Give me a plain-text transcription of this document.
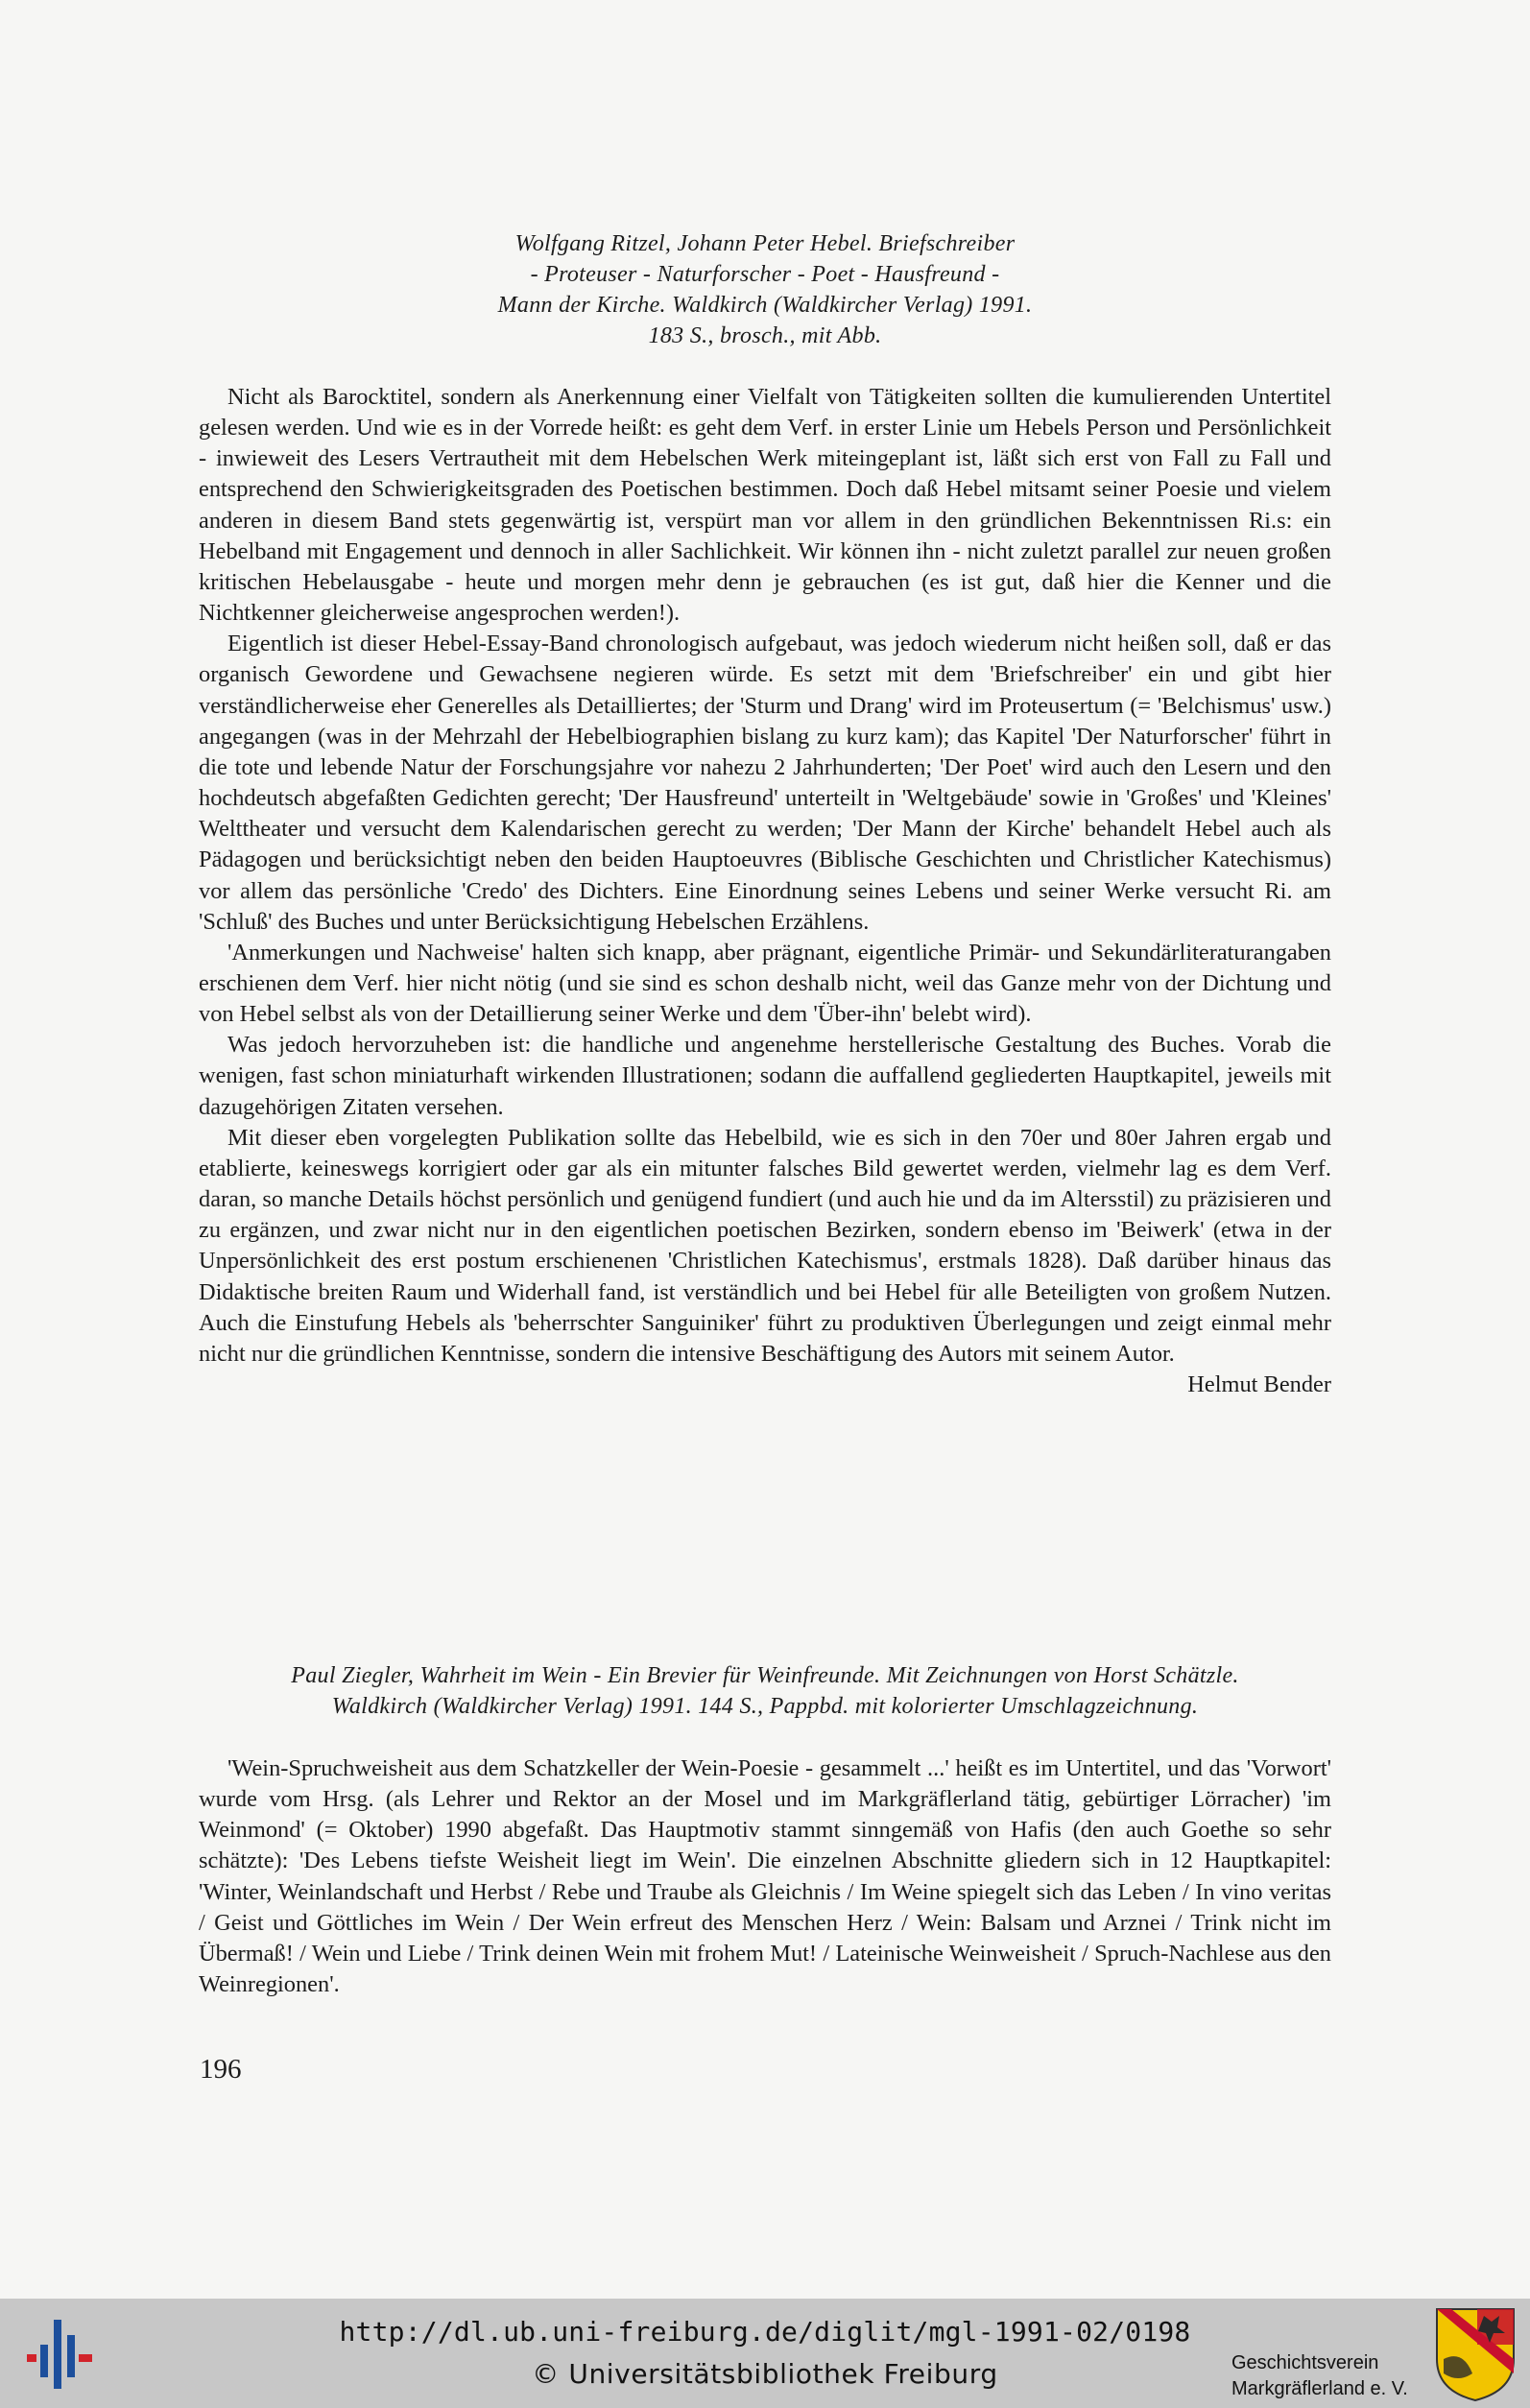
Wolfgang Ritzel, Johann Peter Hebel. Briefschreiber
- Proteuser - Naturforscher - Poet - Hausfreund -
Mann der Kirche. Waldkirch (Waldkircher Verlag) 1991.
183 S., brosch., mit Abb.

Nicht als Barocktitel, sondern als Anerkennung einer Vielfalt von Tätigkeiten sollten die kumulierenden Untertitel gelesen werden. Und wie es in der Vorrede heißt: es geht dem Verf. in erster Linie um Hebels Person und Persönlichkeit - inwieweit des Lesers Vertrautheit mit dem Hebelschen Werk miteingeplant ist, läßt sich erst von Fall zu Fall und entsprechend den Schwierigkeitsgraden des Poetischen bestimmen. Doch daß Hebel mitsamt seiner Poesie und vielem anderen in diesem Band stets gegenwärtig ist, verspürt man vor allem in den gründlichen Bekenntnissen Ri.s: ein Hebelband mit Engagement und dennoch in aller Sachlichkeit. Wir können ihn - nicht zuletzt parallel zur neuen großen kritischen Hebelausgabe - heute und morgen mehr denn je gebrauchen (es ist gut, daß hier die Kenner und die Nichtkenner gleicherweise angesprochen werden!).

Eigentlich ist dieser Hebel-Essay-Band chronologisch aufgebaut, was jedoch wiederum nicht heißen soll, daß er das organisch Gewordene und Gewachsene negieren würde. Es setzt mit dem 'Briefschreiber' ein und gibt hier verständlicherweise eher Generelles als Detailliertes; der 'Sturm und Drang' wird im Proteusertum (= 'Belchismus' usw.) angegangen (was in der Mehrzahl der Hebelbiographien bislang zu kurz kam); das Kapitel 'Der Naturforscher' führt in die tote und lebende Natur der Forschungsjahre vor nahezu 2 Jahrhunderten; 'Der Poet' wird auch den Lesern und den hochdeutsch abgefaßten Gedichten gerecht; 'Der Hausfreund' unterteilt in 'Weltgebäude' sowie in 'Großes' und 'Kleines' Welttheater und versucht dem Kalendarischen gerecht zu werden; 'Der Mann der Kirche' behandelt Hebel auch als Pädagogen und berücksichtigt neben den beiden Hauptoeuvres (Biblische Geschichten und Christlicher Katechismus) vor allem das persönliche 'Credo' des Dichters. Eine Einordnung seines Lebens und seiner Werke versucht Ri. am 'Schluß' des Buches und unter Berücksichtigung Hebelschen Erzählens.

'Anmerkungen und Nachweise' halten sich knapp, aber prägnant, eigentliche Primär- und Sekundärliteraturangaben erschienen dem Verf. hier nicht nötig (und sie sind es schon deshalb nicht, weil das Ganze mehr von der Dichtung und von Hebel selbst als von der Detaillierung seiner Werke und dem 'Über-ihn' belebt wird).

Was jedoch hervorzuheben ist: die handliche und angenehme herstellerische Gestaltung des Buches. Vorab die wenigen, fast schon miniaturhaft wirkenden Illustrationen; sodann die auffallend gegliederten Hauptkapitel, jeweils mit dazugehörigen Zitaten versehen.

Mit dieser eben vorgelegten Publikation sollte das Hebelbild, wie es sich in den 70er und 80er Jahren ergab und etablierte, keineswegs korrigiert oder gar als ein mitunter falsches Bild gewertet werden, vielmehr lag es dem Verf. daran, so manche Details höchst persönlich und genügend fundiert (und auch hie und da im Altersstil) zu präzisieren und zu ergänzen, und zwar nicht nur in den eigentlichen poetischen Bezirken, sondern ebenso im 'Beiwerk' (etwa in der Unpersönlichkeit des erst postum erschienenen 'Christlichen Katechismus', erstmals 1828). Daß darüber hinaus das Didaktische breiten Raum und Widerhall fand, ist verständlich und bei Hebel für alle Beteiligten von großem Nutzen. Auch die Einstufung Hebels als 'beherrschter Sanguiniker' führt zu produktiven Überlegungen und zeigt einmal mehr nicht nur die gründlichen Kenntnisse, sondern die intensive Beschäftigung des Autors mit seinem Autor.

Helmut Bender
Paul Ziegler, Wahrheit im Wein - Ein Brevier für Weinfreunde. Mit Zeichnungen von Horst Schätzle.
Waldkirch (Waldkircher Verlag) 1991. 144 S., Pappbd. mit kolorierter Umschlagzeichnung.

'Wein-Spruchweisheit aus dem Schatzkeller der Wein-Poesie - gesammelt ...' heißt es im Untertitel, und das 'Vorwort' wurde vom Hrsg. (als Lehrer und Rektor an der Mosel und im Markgräflerland tätig, gebürtiger Lörracher) 'im Weinmond' (= Oktober) 1990 abgefaßt. Das Hauptmotiv stammt sinngemäß von Hafis (den auch Goethe so sehr schätzte): 'Des Lebens tiefste Weisheit liegt im Wein'. Die einzelnen Abschnitte gliedern sich in 12 Hauptkapitel: 'Winter, Weinlandschaft und Herbst / Rebe und Traube als Gleichnis / Im Weine spiegelt sich das Leben / In vino veritas / Geist und Göttliches im Wein / Der Wein erfreut des Menschen Herz / Wein: Balsam und Arznei / Trink nicht im Übermaß! / Wein und Liebe / Trink deinen Wein mit frohem Mut! / Lateinische Weinweisheit / Spruch-Nachlese aus den Weinregionen'.

196
http://dl.ub.uni-freiburg.de/diglit/mgl-1991-02/0198
© Universitätsbibliothek Freiburg	Geschichtsverein
Markgräflerland e. V.
